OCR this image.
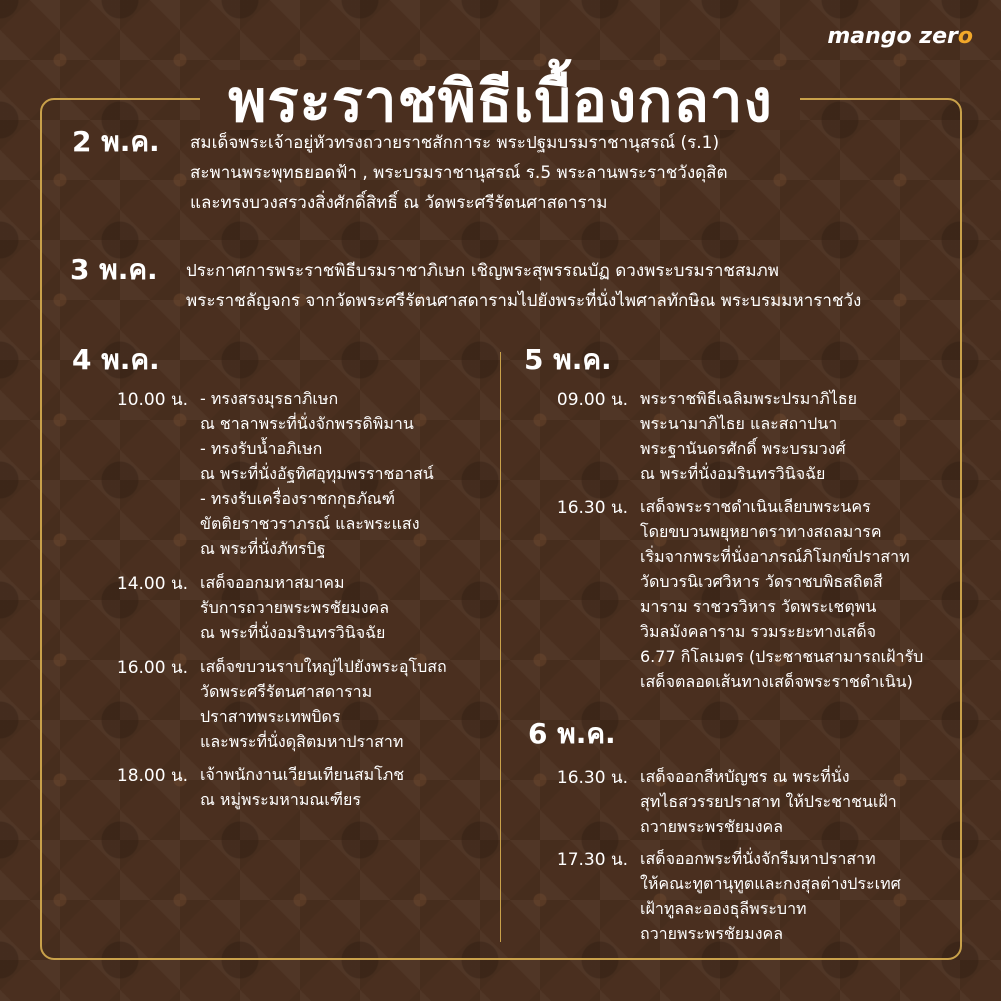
พระราชพิธีเบื้องกลาง
mango zero
2 พ.ค. สมเด็จพระเจ้าอยู่หัวทรงถวายราชสักการะ พระปฐมบรมราชานุสรณ์ (ร.1)
สะพานพระพุทธยอดฟ้า , พระบรมราชานุสรณ์ ร.5 พระลานพระราชวังดุสิต
และทรงบวงสรวงสิ่งศักดิ์สิทธิ์ ณ วัดพระศรีรัตนศาสดาราม
3 พ.ค. ประกาศการพระราชพิธีบรมราชาภิเษก เชิญพระสุพรรณบัฏ ดวงพระบรมราชสมภพ
พระราชลัญจกร จากวัดพระศรีรัตนศาสดารามไปยังพระที่นั่งไพศาลทักษิณ พระบรมมหาราชวัง
4 พ.ค.
10.00 น. - ทรงสรงมุรธาภิเษก
ณ ชาลาพระที่นั่งจักพรรดิพิมาน
- ทรงรับน้ำอภิเษก
ณ พระที่นั่งอัฐทิศอุทุมพรราชอาสน์
- ทรงรับเครื่องราชกกุธภัณฑ์
ขัตติยราชวราภรณ์ และพระแสง
ณ พระที่นั่งภัทรบิฐ
14.00 น. เสด็จออกมหาสมาคม
รับการถวายพระพรชัยมงคล
ณ พระที่นั่งอมรินทรวินิจฉัย
16.00 น. เสด็จขบวนราบใหญ่ไปยังพระอุโบสถ
วัดพระศรีรัตนศาสดาราม
ปราสาทพระเทพบิดร
และพระที่นั่งดุสิตมหาปราสาท
18.00 น. เจ้าพนักงานเวียนเทียนสมโภช
ณ หมู่พระมหามณเฑียร
5 พ.ค.
09.00 น. พระราชพิธีเฉลิมพระปรมาภิไธย
พระนามาภิไธย และสถาปนา
พระฐานันดรศักดิ์ พระบรมวงศ์
ณ พระที่นั่งอมรินทรวินิจฉัย
16.30 น. เสด็จพระราชดำเนินเลียบพระนคร
โดยขบวนพยุหยาตราทางสถลมารค
เริ่มจากพระที่นั่งอาภรณ์ภิโมกข์ปราสาท
วัดบวรนิเวศวิหาร วัดราชบพิธสถิตสี
มาราม ราชวรวิหาร วัดพระเชตุพน
วิมลมังคลาราม รวมระยะทางเสด็จ
6.77 กิโลเมตร (ประชาชนสามารถเฝ้ารับ
เสด็จตลอดเส้นทางเสด็จพระราชดำเนิน)
6 พ.ค.
16.30 น. เสด็จออกสีหบัญชร ณ พระที่นั่ง
สุทไธสวรรยปราสาท ให้ประชาชนเฝ้า
ถวายพระพรชัยมงคล
17.30 น. เสด็จออกพระที่นั่งจักรีมหาปราสาท
ให้คณะทูตานุทูตและกงสุลต่างประเทศ
เฝ้าทูลละอองธุลีพระบาท
ถวายพระพรชัยมงคล
